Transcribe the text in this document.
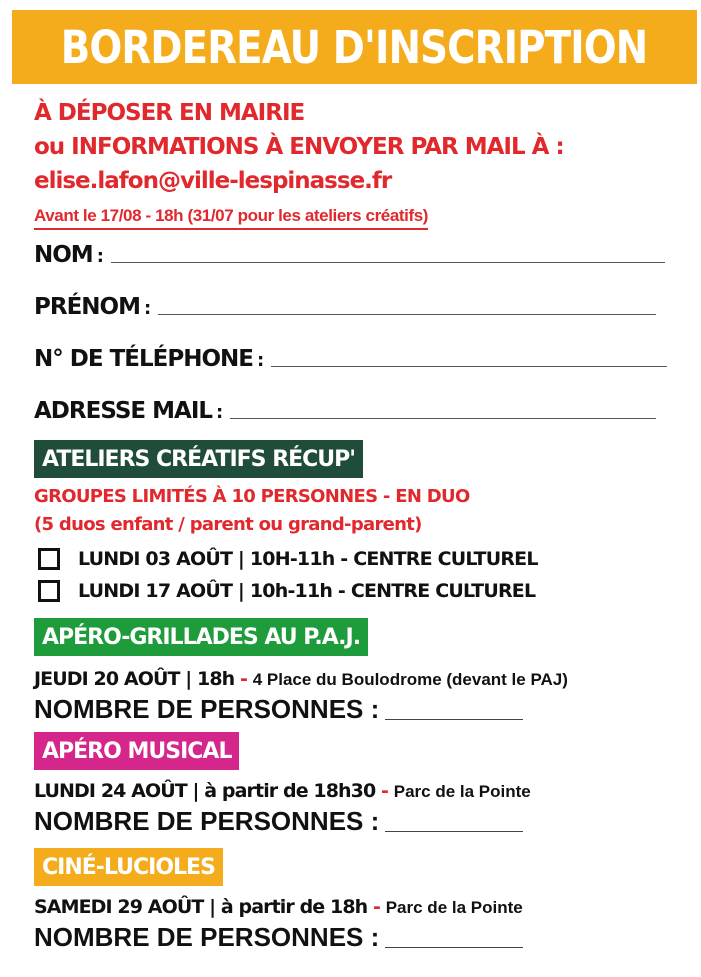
BORDEREAU D'INSCRIPTION
À DÉPOSER EN MAIRIE
ou INFORMATIONS À ENVOYER PAR MAIL À :
elise.lafon@ville-lespinasse.fr
Avant le 17/08 - 18h (31/07 pour les ateliers créatifs)
NOM :
PRÉNOM :
N° DE TÉLÉPHONE :
ADRESSE MAIL :
ATELIERS CRÉATIFS RÉCUP'
GROUPES LIMITÉS À 10 PERSONNES - EN DUO
(5 duos enfant / parent ou grand-parent)
LUNDI 03 AOÛT | 10H-11h - CENTRE CULTUREL
LUNDI 17 AOÛT | 10h-11h - CENTRE CULTUREL
APÉRO-GRILLADES AU P.A.J.
JEUDI 20 AOÛT | 18h - 4 Place du Boulodrome (devant le PAJ)
NOMBRE DE PERSONNES :
APÉRO MUSICAL
LUNDI 24 AOÛT | à partir de 18h30 - Parc de la Pointe
NOMBRE DE PERSONNES :
CINÉ-LUCIOLES
SAMEDI 29 AOÛT | à partir de 18h - Parc de la Pointe
NOMBRE DE PERSONNES :
